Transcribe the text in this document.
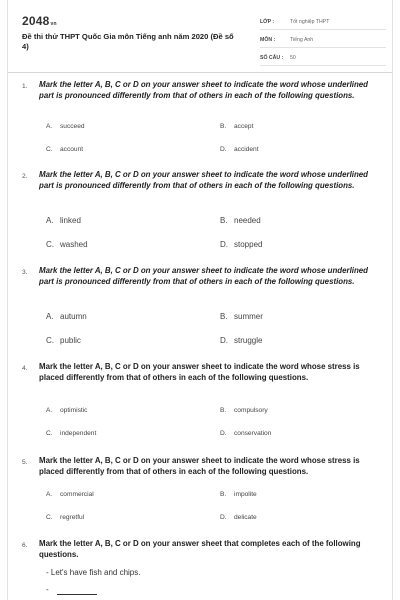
2048vn
Đề thi thử THPT Quốc Gia môn Tiếng anh năm 2020 (Đề số 4)
LỚP :	Tốt nghiệp THPT
MÔN :	Tiếng Anh
SỐ CÂU :	50
1. Mark the letter A, B, C or D on your answer sheet to indicate the word whose underlined part is pronounced differently from that of others in each of the following questions.
A. succeed	B. accept
C. account	D. accident
2. Mark the letter A, B, C or D on your answer sheet to indicate the word whose underlined part is pronounced differently from that of others in each of the following questions.
A. linked	B. needed
C. washed	D. stopped
3. Mark the letter A, B, C or D on your answer sheet to indicate the word whose underlined part is pronounced differently from that of others in each of the following questions.
A. autumn	B. summer
C. public	D. struggle
4. Mark the letter A, B, C or D on your answer sheet to indicate the word whose stress is placed differently from that of others in each of the following questions.
A. optimistic	B. compulsory
C. independent	D. conservation
5. Mark the letter A, B, C or D on your answer sheet to indicate the word whose stress is placed differently from that of others in each of the following questions.
A. commercial	B. impolite
C. regretful	D. delicate
6. Mark the letter A, B, C or D on your answer sheet that completes each of the following questions.
- Let's have fish and chips.
-
